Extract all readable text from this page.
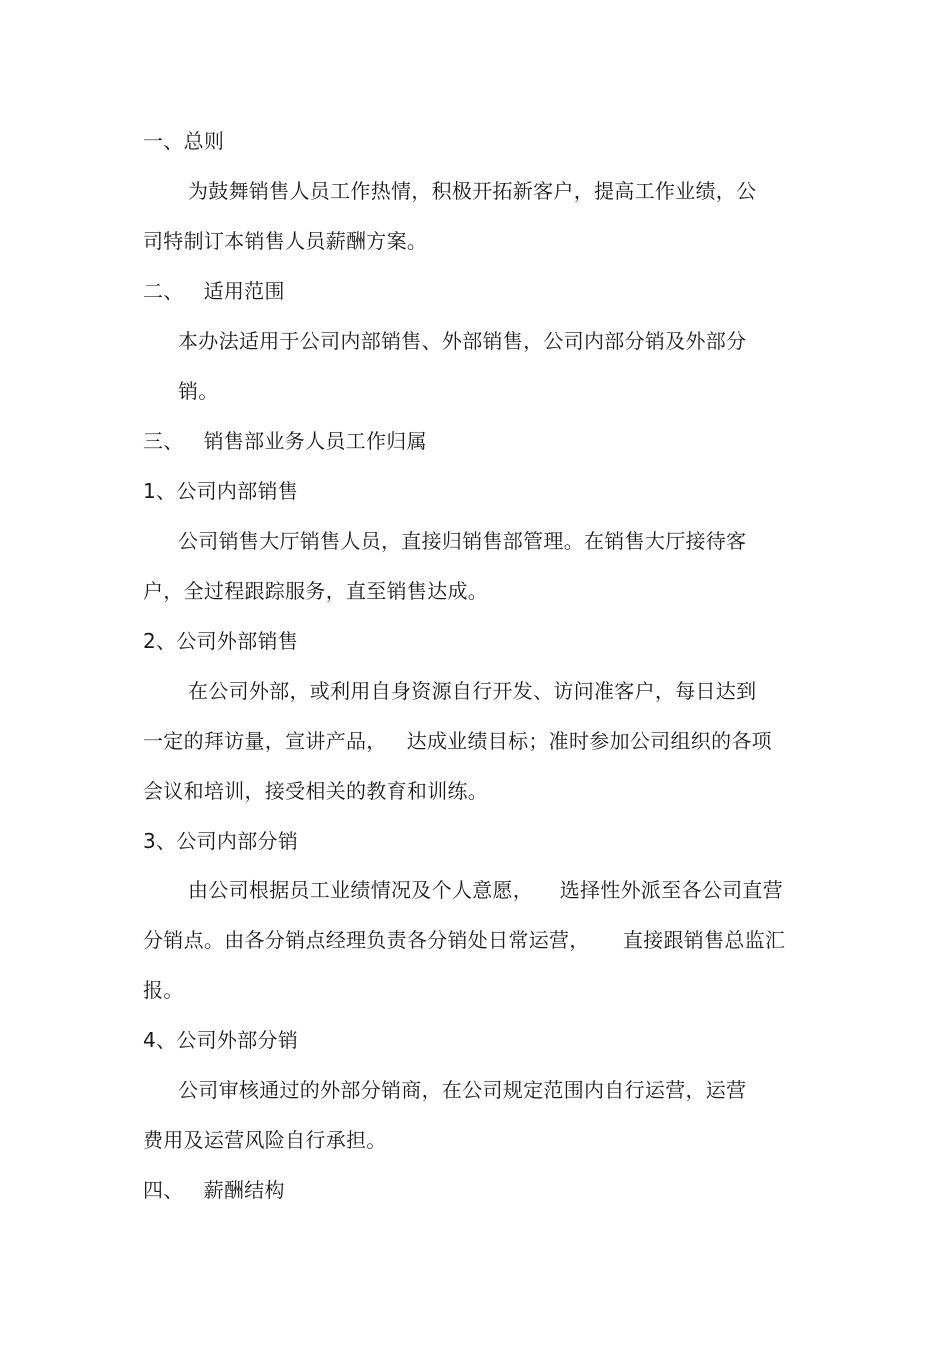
一、总则
为鼓舞销售人员工作热情，积极开拓新客户，提高工作业绩，公
司特制订本销售人员薪酬方案。
二、   适用范围
本办法适用于公司内部销售、外部销售，公司内部分销及外部分
销。
三、   销售部业务人员工作归属
1、公司内部销售
公司销售大厅销售人员，直接归销售部管理。在销售大厅接待客
户，全过程跟踪服务，直至销售达成。
2、公司外部销售
在公司外部，或利用自身资源自行开发、访问准客户，每日达到
一定的拜访量，宣讲产品，   达成业绩目标；准时参加公司组织的各项
会议和培训，接受相关的教育和训练。
3、公司内部分销
由公司根据员工业绩情况及个人意愿，    选择性外派至各公司直营
分销点。由各分销点经理负责各分销处日常运营，     直接跟销售总监汇
报。
4、公司外部分销
公司审核通过的外部分销商，在公司规定范围内自行运营，运营
费用及运营风险自行承担。
四、   薪酬结构
